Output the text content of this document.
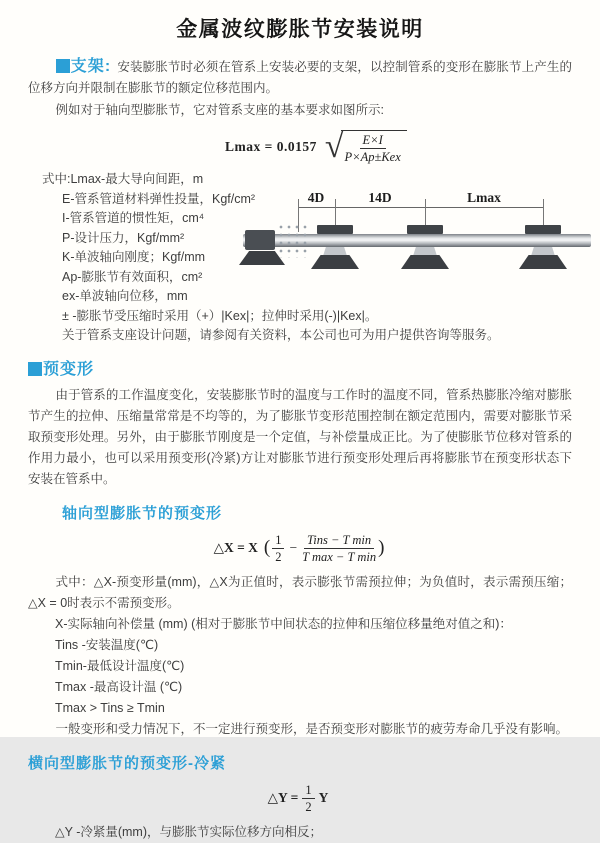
金属波纹膨胀节安装说明

支架: 安装膨胀节时必须在管系上安装必要的支架，以控制管系的变形在膨胀节上产生的位移方向并限制在膨胀节的额定位移范围内。

例如对于轴向型膨胀节，它对管系支座的基本要求如图所示:

Lmax = 0.0157 √ $\frac{E\times I}{\text{P×Ap±Kex}}$
式中:Lmax-最大导向间距，m
E-管系管道材料弹性投量，Kgf/cm²
I-管系管道的惯性矩，cm⁴
P-设计压力，Kgf/mm²
K-单波轴向刚度；Kgf/mm
Ap-膨胀节有效面积，cm²
ex-单波轴向位移，mm
± -膨胀节受压缩时采用（+）|Kex|；拉伸时采用(-)|Kex|。
关于管系支座设计问题，请参阅有关资料，本公司也可为用户提供咨询等服务。
4D	14D	Lmax
预变形

由于管系的工作温度变化，安装膨胀节时的温度与工作时的温度不同，管系热膨胀冷缩对膨胀节产生的拉伸、压缩量常常是不均等的，为了膨胀节变形范围控制在额定范围内，需要对膨胀节采取预变形处理。另外，由于膨胀节刚度是一个定值，与补偿量成正比。为了使膨胀节位移对管系的作用力最小，也可以采用预变形(冷紧)方让对膨胀节进行预变形处理后再将膨胀节在预变形状态下安装在管系中。

轴向型膨胀节的预变形
△X = X ( $\frac{1}{2} - \frac{\text{Tins − T min}}{\text{T max − T min}}$ )

式中：△X-预变形量(mm)，△X为正值时，表示膨张节需预拉伸；为负值时，表示需预压缩；△X = 0时表示不需预变形。

X-实际轴向补偿量 (mm) (相对于膨胀节中间状态的拉伸和压缩位移量绝对值之和)：
Tins -安装温度(℃)
Tmin-最低设计温度(℃)
Tmax -最高设计温 (℃)
Tmax > Tins ≥ Tmin

一般变形和受力情况下，不一定进行预变形，是否预变形对膨胀节的疲劳寿命几乎没有影响。

横向型膨胀节的预变形-冷紧
△Y = $\frac{1}{2}$ Y

△Y -冷紧量(mm)，与膨胀节实际位移方向相反；
